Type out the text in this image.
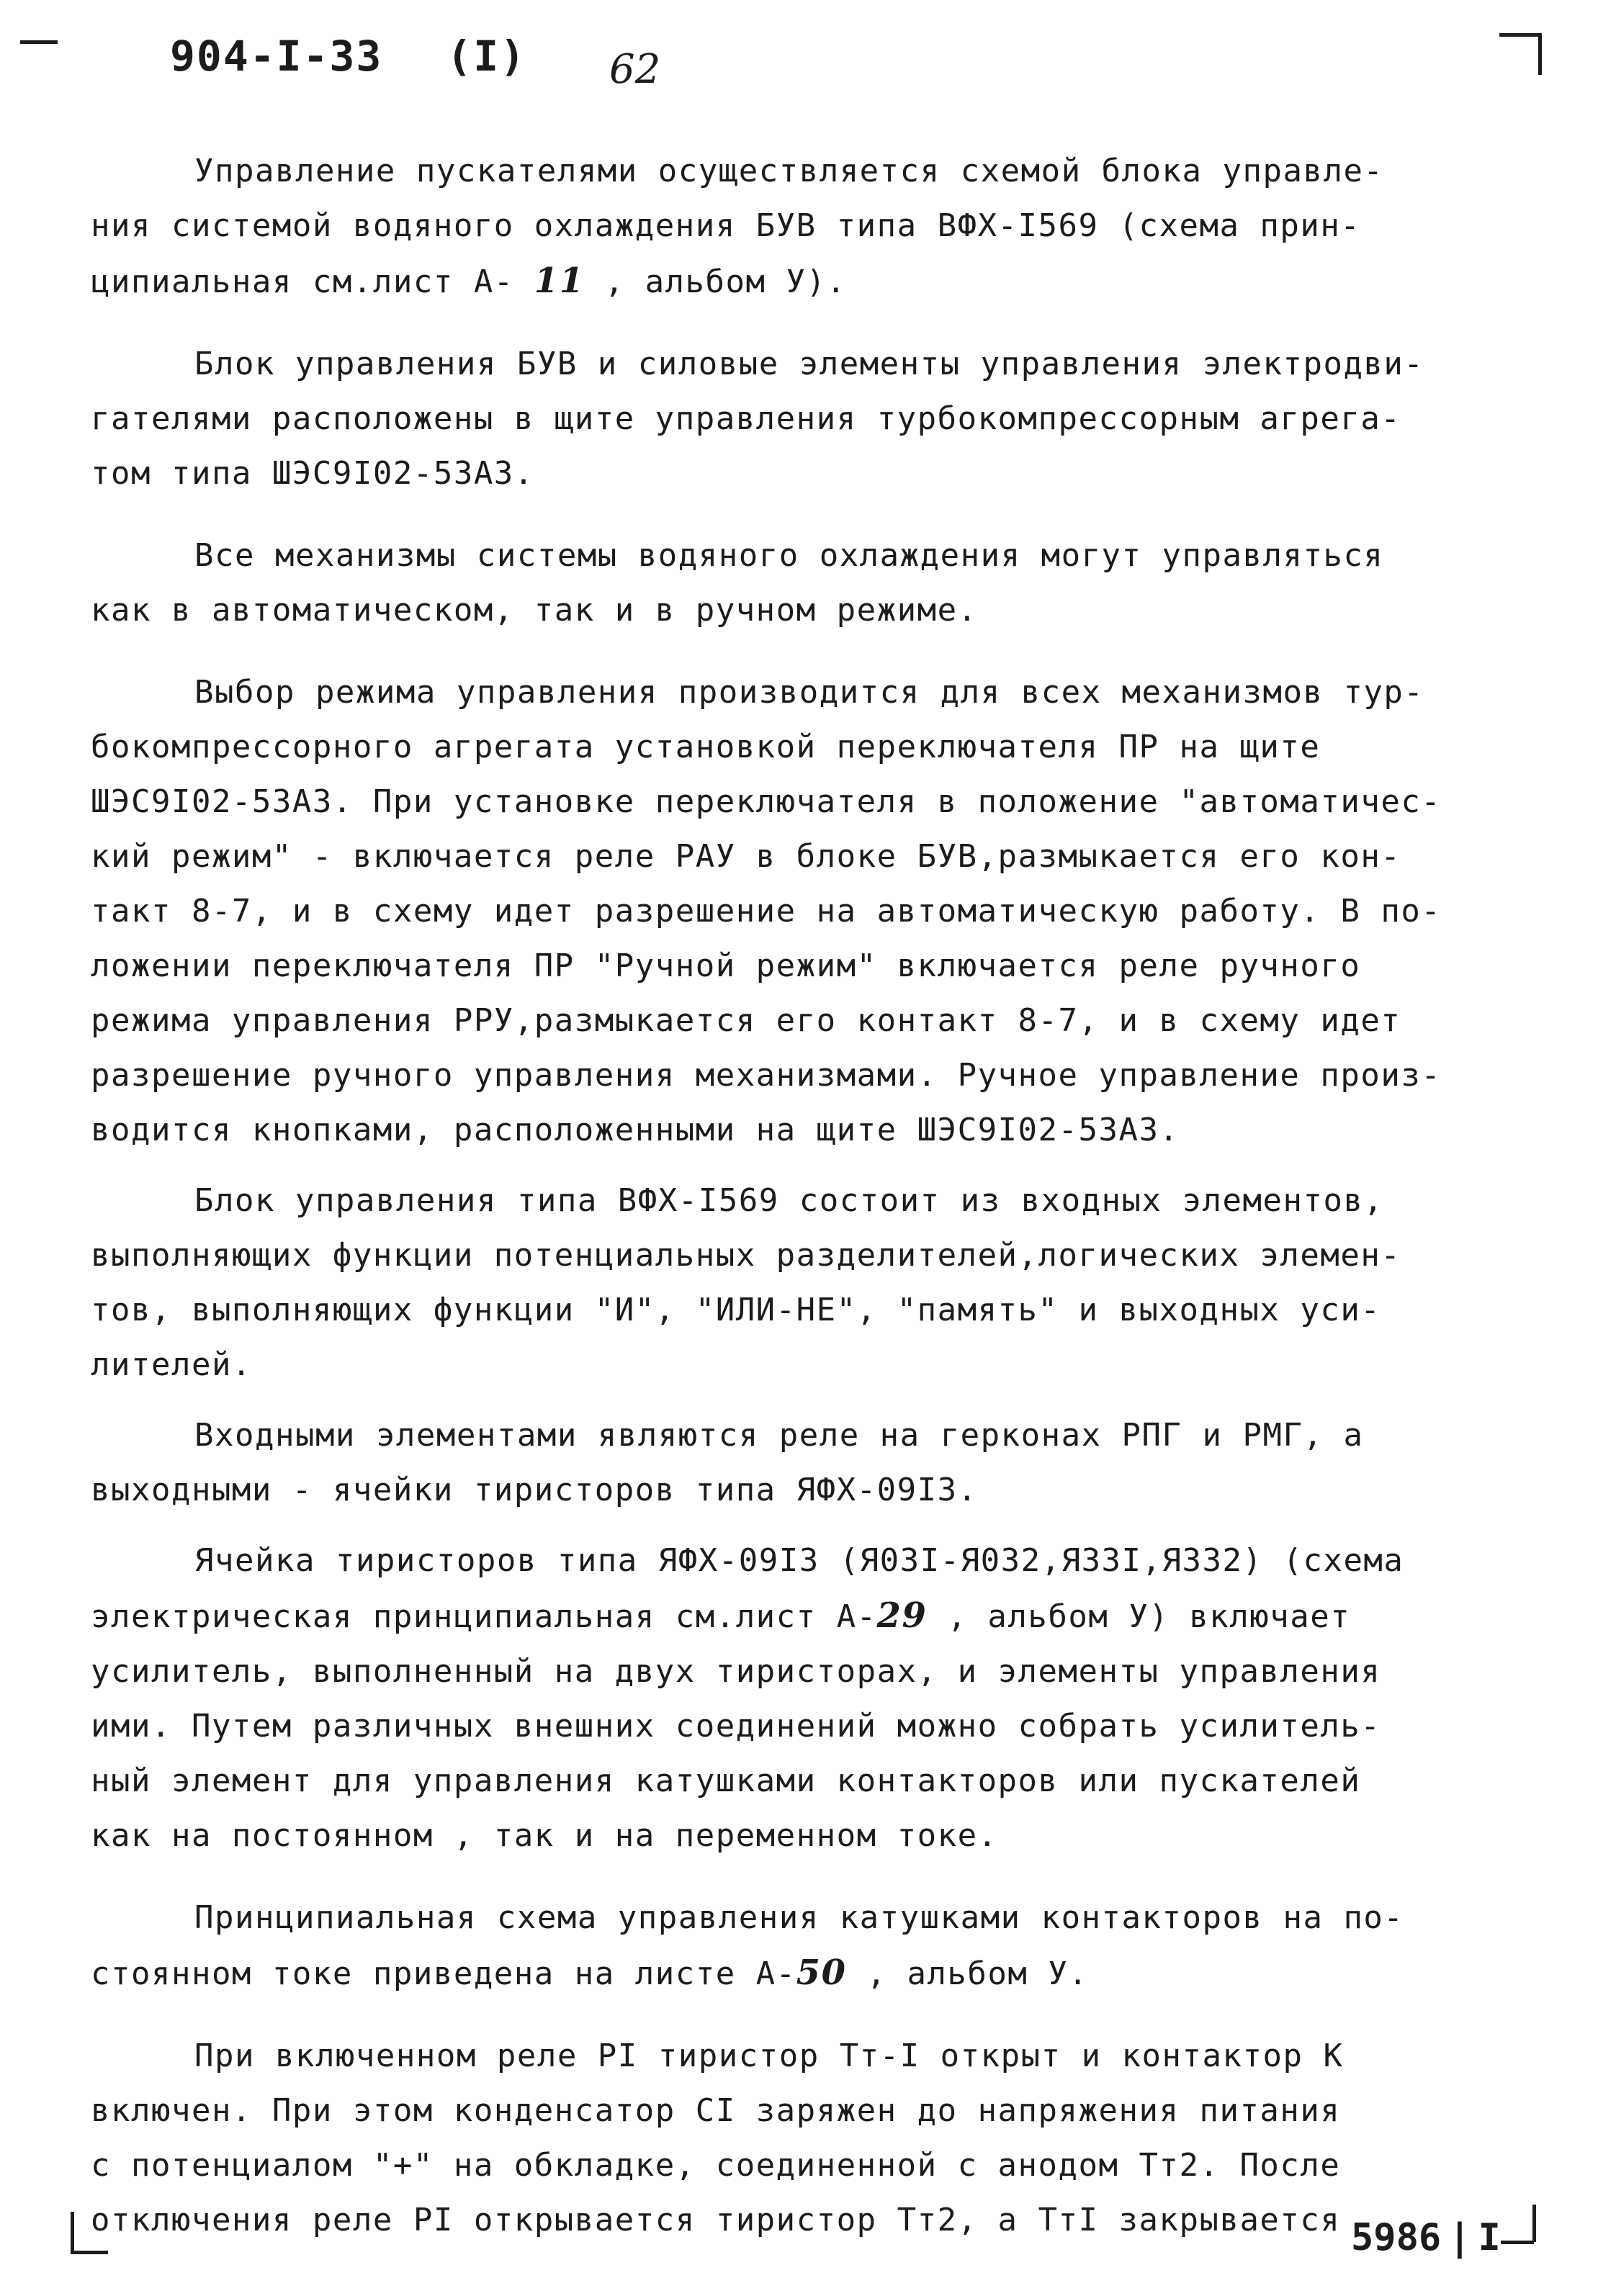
904-I-33 (I) 62

Управление пускателями осуществляется схемой блока управле-
ния системой водяного охлаждения БУВ типа ВФХ-I569 (схема прин-
ципиальная см.лист А- 11 , альбом У).

Блок управления БУВ и силовые элементы управления электродви-
гателями расположены в щите управления турбокомпрессорным агрега-
том типа ШЭС9I02-53А3.

Все механизмы системы водяного охлаждения могут управляться
как в автоматическом, так и в ручном режиме.

Выбор режима управления производится для всех механизмов тур-
бокомпрессорного агрегата установкой переключателя ПР на щите
ШЭС9I02-53А3. При установке переключателя в положение "автоматичес-
кий режим" - включается реле РАУ в блоке БУВ,размыкается его кон-
такт 8-7, и в схему идет разрешение на автоматическую работу. В по-
ложении переключателя ПР "Ручной режим" включается реле ручного
режима управления РРУ,размыкается его контакт 8-7, и в схему идет
разрешение ручного управления механизмами. Ручное управление произ-
водится кнопками, расположенными на щите ШЭС9I02-53А3.

Блок управления типа ВФХ-I569 состоит из входных элементов,
выполняющих функции потенциальных разделителей,логических элемен-
тов, выполняющих функции "И", "ИЛИ-НЕ", "память" и выходных уси-
лителей.

Входными элементами являются реле на герконах РПГ и РМГ, а
выходными - ячейки тиристоров типа ЯФХ-09I3.

Ячейка тиристоров типа ЯФХ-09I3 (Я03I-Я032,Я33I,Я332) (схема
электрическая принципиальная см.лист А-29 , альбом У) включает
усилитель, выполненный на двух тиристорах, и элементы управления
ими. Путем различных внешних соединений можно собрать усилитель-
ный элемент для управления катушками контакторов или пускателей
как на постоянном , так и на переменном токе.

Принципиальная схема управления катушками контакторов на по-
стоянном токе приведена на листе А-50 , альбом У.

При включенном реле РI тиристор Тт-I открыт и контактор К
включен. При этом конденсатор СI заряжен до напряжения питания
с потенциалом "+" на обкладке, соединенной с анодом Тт2. После
отключения реле РI открывается тиристор Тт2, а ТтI закрывается 5986 | I
